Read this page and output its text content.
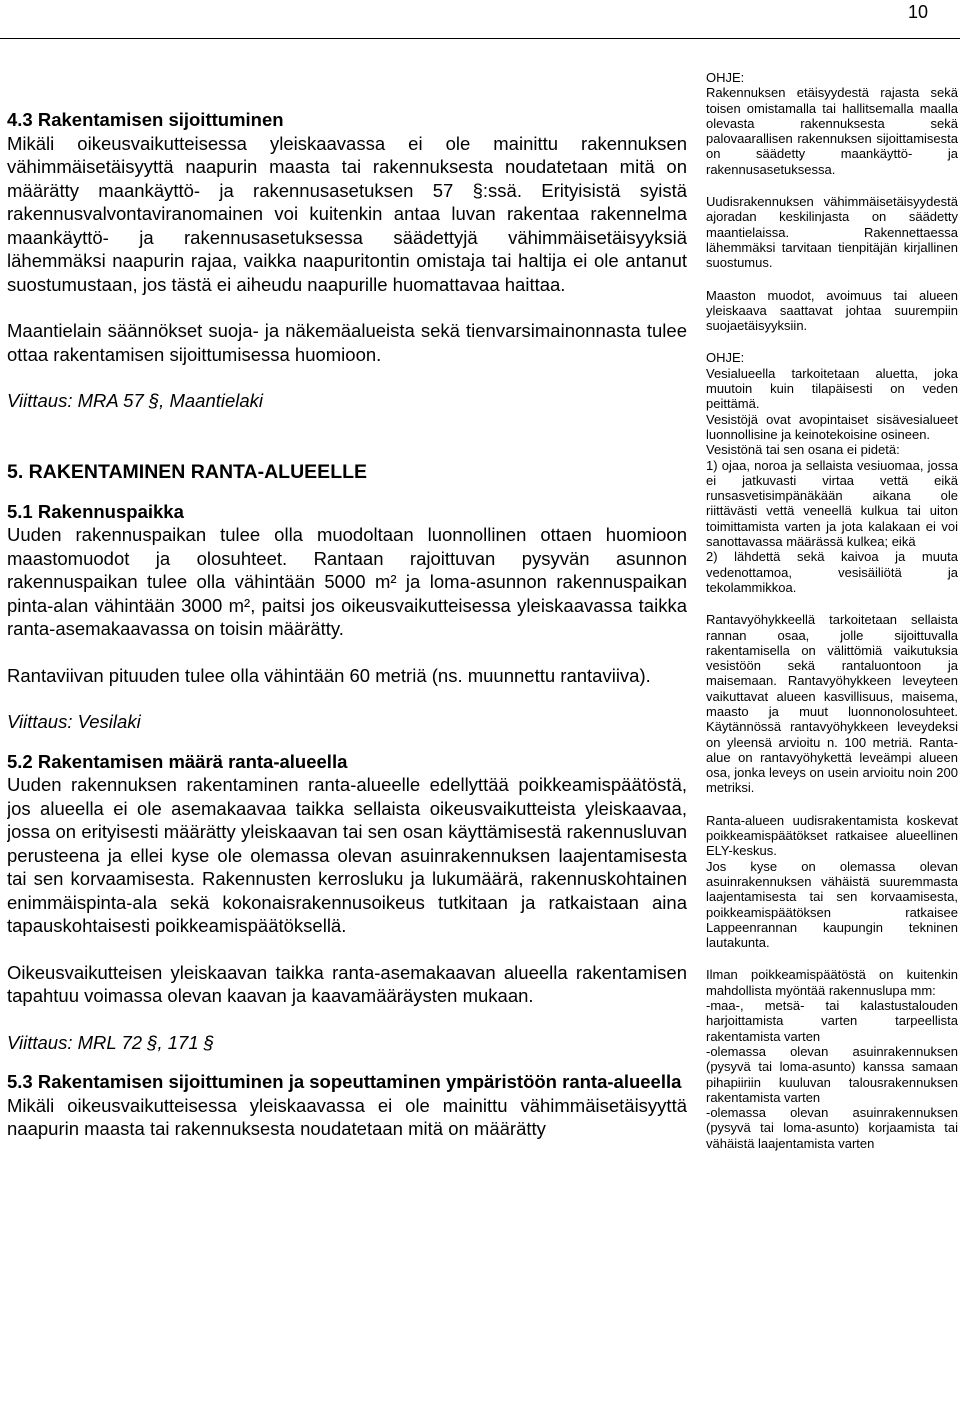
10
4.3 Rakentamisen sijoittuminen

Mikäli oikeusvaikutteisessa yleiskaavassa ei ole mainittu rakennuksen vähimmäisetäisyyttä naapurin maasta tai rakennuksesta noudatetaan mitä on määrätty maankäyttö- ja rakennusasetuksen 57 §:ssä. Erityisistä syistä rakennusvalvontaviranomainen voi kuitenkin antaa luvan rakentaa rakennelma maankäyttö- ja rakennusasetuksessa säädettyjä vähimmäisetäisyyksiä lähemmäksi naapurin rajaa, vaikka naapuritontin omistaja tai haltija ei ole antanut suostumustaan, jos tästä ei aiheudu naapurille huomattavaa haittaa.

Maantielain säännökset suoja- ja näkemäalueista sekä tienvarsimainonnasta tulee ottaa rakentamisen sijoittumisessa huomioon.

Viittaus: MRA 57 §, Maantielaki

5. RAKENTAMINEN RANTA-ALUEELLE
5.1 Rakennuspaikka

Uuden rakennuspaikan tulee olla muodoltaan luonnollinen ottaen huomioon maastomuodot ja olosuhteet. Rantaan rajoittuvan pysyvän asunnon rakennuspaikan tulee olla vähintään 5000 m² ja loma-asunnon rakennuspaikan pinta-alan vähintään 3000 m², paitsi jos oikeusvaikutteisessa yleiskaavassa taikka ranta-asemakaavassa on toisin määrätty.

Rantaviivan pituuden tulee olla vähintään 60 metriä (ns. muunnettu rantaviiva).

Viittaus: Vesilaki

5.2 Rakentamisen määrä ranta-alueella

Uuden rakennuksen rakentaminen ranta-alueelle edellyttää poikkeamispäätöstä, jos alueella ei ole asemakaavaa taikka sellaista oikeusvaikutteista yleiskaavaa, jossa on erityisesti määrätty yleiskaavan tai sen osan käyttämisestä rakennusluvan perusteena ja ellei kyse ole olemassa olevan asuinrakennuksen laajentamisesta tai sen korvaamisesta. Rakennusten kerrosluku ja lukumäärä, rakennuskohtainen enimmäispinta-ala sekä kokonaisrakennusoikeus tutkitaan ja ratkaistaan aina tapauskohtaisesti poikkeamispäätöksellä.

Oikeusvaikutteisen yleiskaavan taikka ranta-asemakaavan alueella rakentamisen tapahtuu voimassa olevan kaavan ja kaavamääräysten mukaan.

Viittaus: MRL 72 §, 171 §

5.3 Rakentamisen sijoittuminen ja sopeuttaminen ympäristöön ranta-alueella

Mikäli oikeusvaikutteisessa yleiskaavassa ei ole mainittu vähimmäisetäisyyttä naapurin maasta tai rakennuksesta noudatetaan mitä on määrätty

OHJE:

Rakennuksen etäisyydestä rajasta sekä toisen omistamalla tai hallitsemalla maalla olevasta rakennuksesta sekä palovaarallisen rakennuksen sijoittamisesta on säädetty maankäyttö- ja rakennusasetuksessa.

Uudisrakennuksen vähimmäisetäisyydestä ajoradan keskilinjasta on säädetty maantielaissa. Rakennettaessa lähemmäksi tarvitaan tienpitäjän kirjallinen suostumus.

Maaston muodot, avoimuus tai alueen yleiskaava saattavat johtaa suurempiin suojaetäisyyksiin.

OHJE:

Vesialueella tarkoitetaan aluetta, joka muutoin kuin tilapäisesti on veden peittämä.

Vesistöjä ovat avopintaiset sisävesialueet luonnollisine ja keinotekoisine osineen.

Vesistönä tai sen osana ei pidetä:

1) ojaa, noroa ja sellaista vesiuomaa, jossa ei jatkuvasti virtaa vettä eikä runsasvetisimpänäkään aikana ole riittävästi vettä veneellä kulkua tai uiton toimittamista varten ja jota kalakaan ei voi sanottavassa määrässä kulkea; eikä

2) lähdettä sekä kaivoa ja muuta vedenottamoa, vesisäiliötä ja tekolammikkoa.

Rantavyöhykkeellä tarkoitetaan sellaista rannan osaa, jolle sijoittuvalla rakentamisella on välittömiä vaikutuksia vesistöön sekä rantaluontoon ja maisemaan. Rantavyöhykkeen leveyteen vaikuttavat alueen kasvillisuus, maisema, maasto ja muut luonnonolosuhteet. Käytännössä rantavyöhykkeen leveydeksi on yleensä arvioitu n. 100 metriä. Ranta-alue on rantavyöhykettä leveämpi alueen osa, jonka leveys on usein arvioitu noin 200 metriksi.

Ranta-alueen uudisrakentamista koskevat poikkeamispäätökset ratkaisee alueellinen ELY-keskus.

Jos kyse on olemassa olevan asuinrakennuksen vähäistä suuremmasta laajentamisesta tai sen korvaamisesta, poikkeamispäätöksen ratkaisee Lappeenrannan kaupungin tekninen lautakunta.

Ilman poikkeamispäätöstä on kuitenkin mahdollista myöntää rakennuslupa mm:

-maa-, metsä- tai kalastustalouden harjoittamista varten tarpeellista rakentamista varten

-olemassa olevan asuinrakennuksen (pysyvä tai loma-asunto) kanssa samaan pihapiiriin kuuluvan talousrakennuksen rakentamista varten

-olemassa olevan asuinrakennuksen (pysyvä tai loma-asunto) korjaamista tai vähäistä laajentamista varten
